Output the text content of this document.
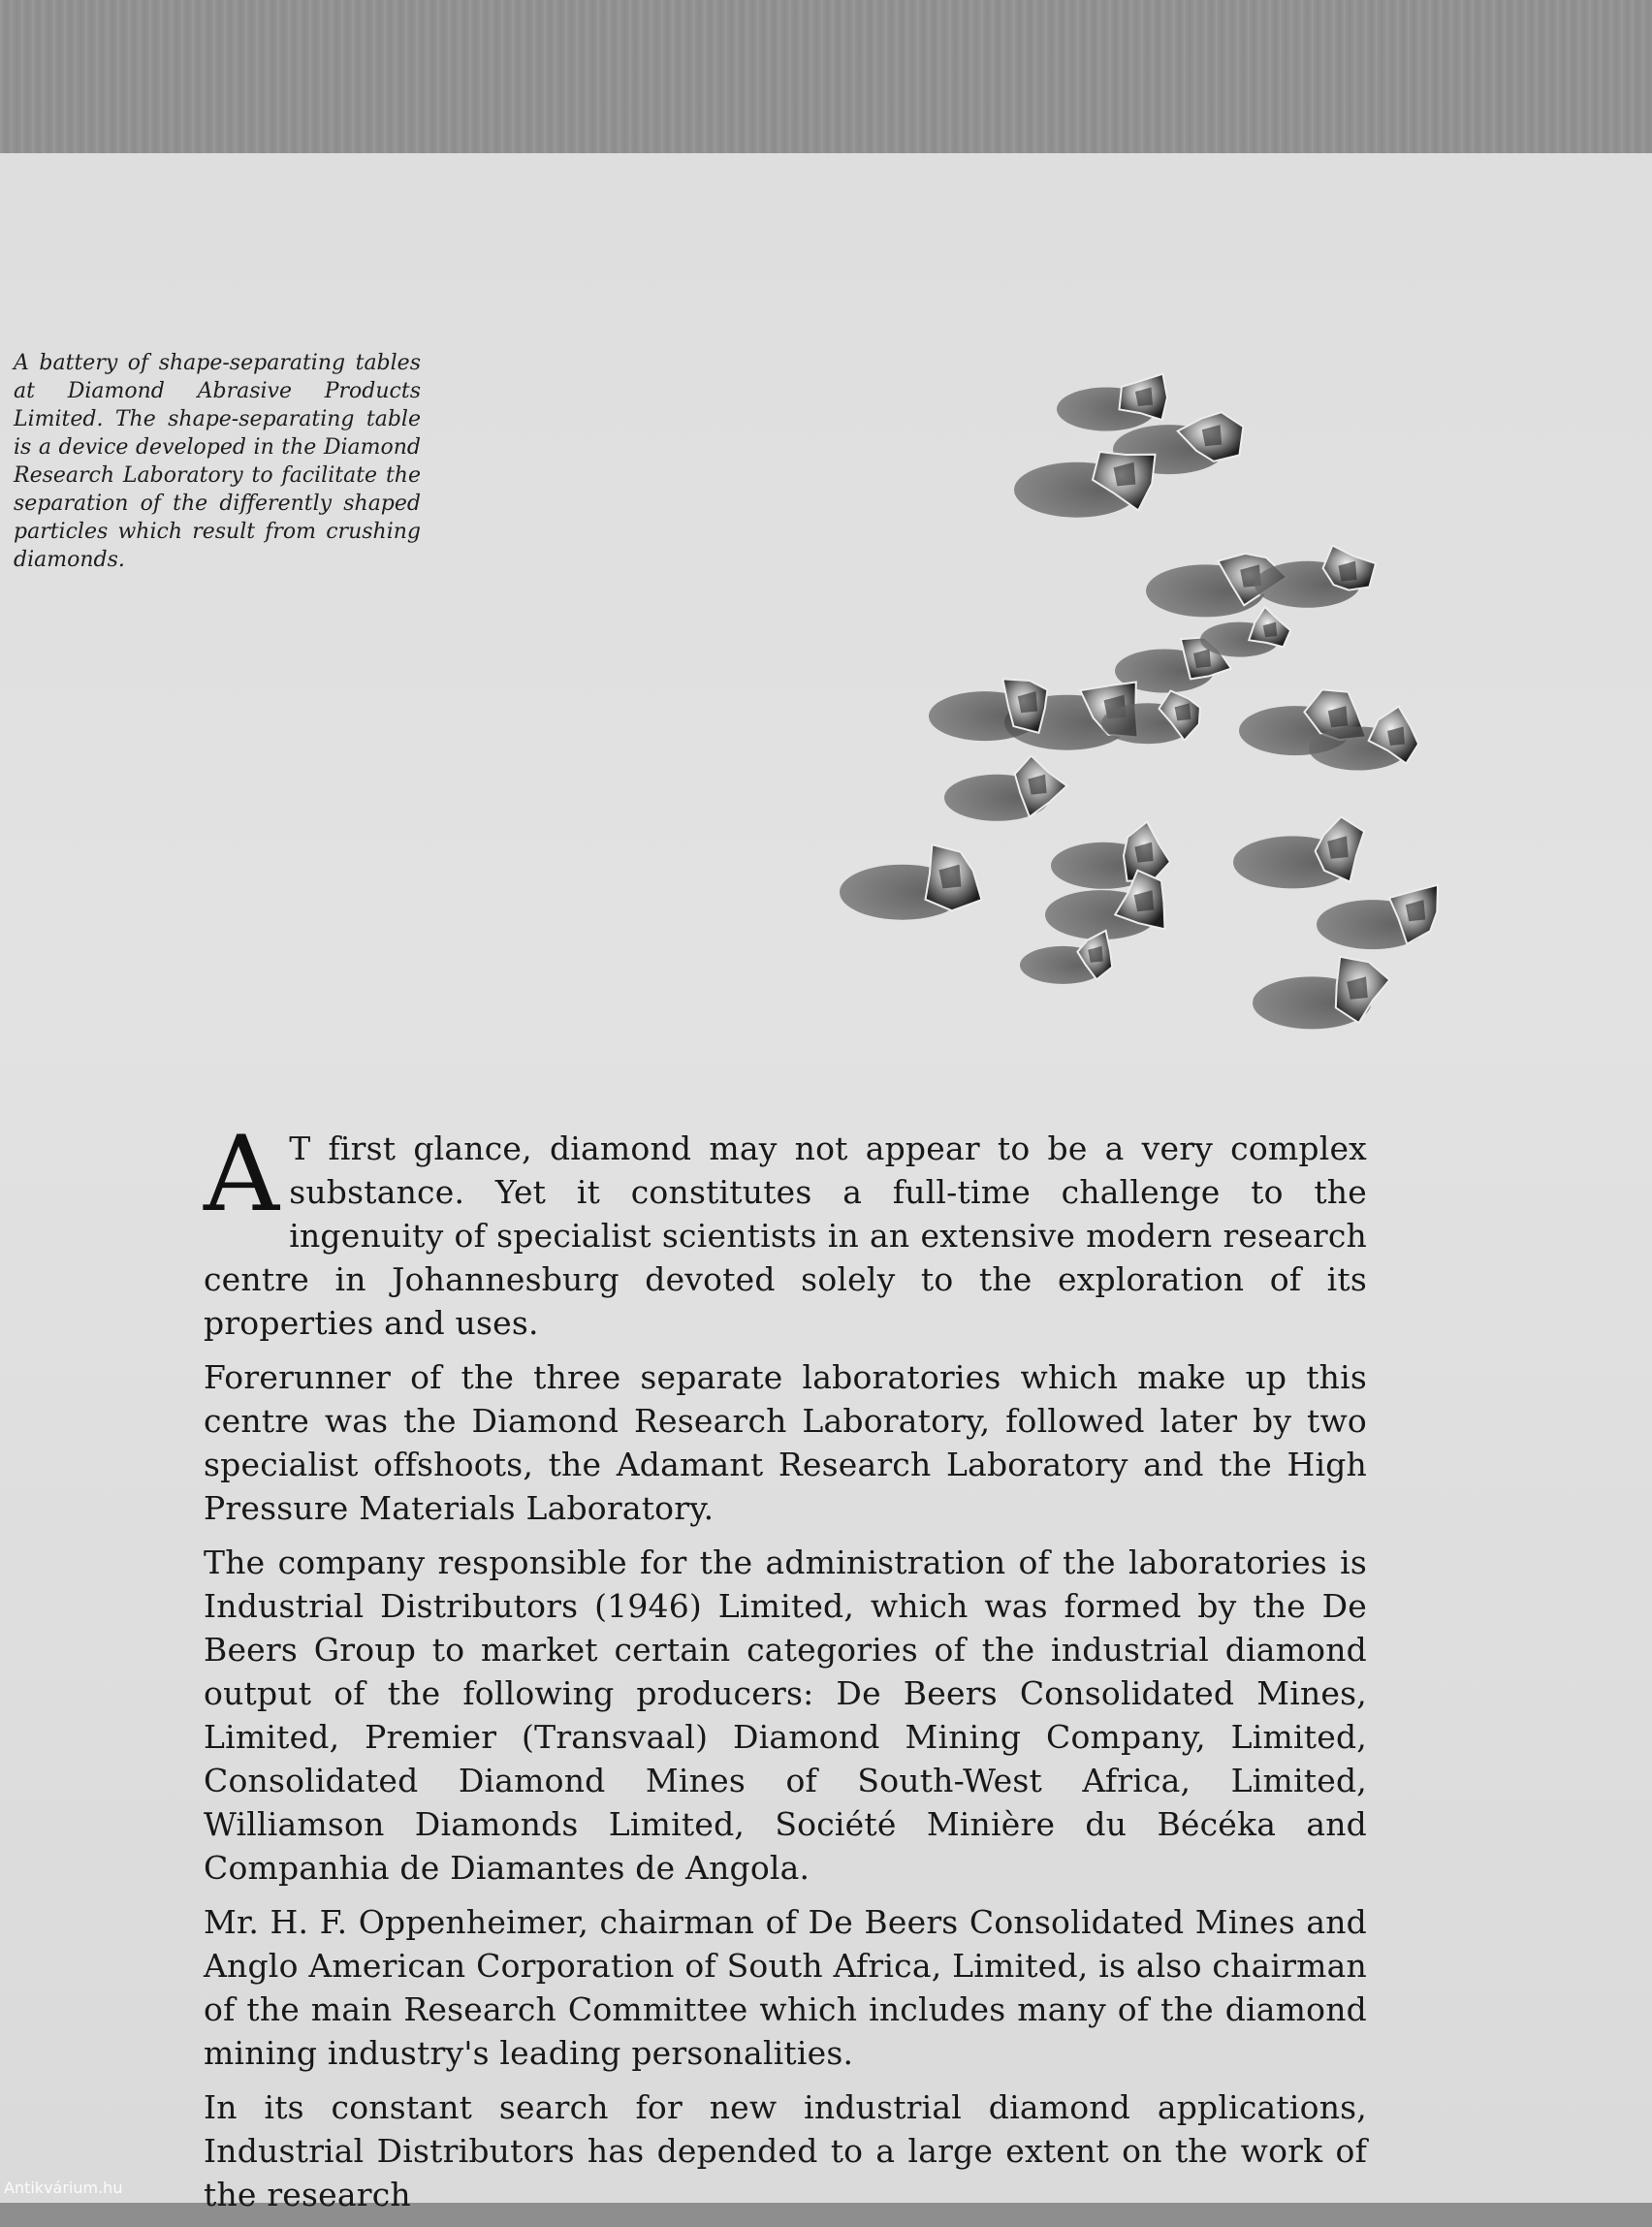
A battery of shape-separating tables at Diamond Abrasive Products Limited. The shape-separating table is a device developed in the Diamond Research Laboratory to facilitate the separation of the differently shaped particles which result from crushing diamonds.

A T first glance, diamond may not appear to be a very complex substance. Yet it constitutes a full-time challenge to the ingenuity of specialist scientists in an extensive modern research centre in Johannesburg devoted solely to the exploration of its properties and uses.

Forerunner of the three separate laboratories which make up this centre was the Diamond Research Laboratory, followed later by two specialist offshoots, the Adamant Research Laboratory and the High Pressure Materials Laboratory.

The company responsible for the administration of the laboratories is Industrial Distributors (1946) Limited, which was formed by the De Beers Group to market certain categories of the industrial diamond output of the following producers: De Beers Consolidated Mines, Limited, Premier (Transvaal) Diamond Mining Company, Limited, Consolidated Diamond Mines of South-West Africa, Limited, Williamson Diamonds Limited, Société Minière du Bécéka and Companhia de Diamantes de Angola.

Mr. H. F. Oppenheimer, chairman of De Beers Consolidated Mines and Anglo American Corporation of South Africa, Limited, is also chairman of the main Research Committee which includes many of the diamond mining industry's leading personalities.

In its constant search for new industrial diamond applications, Industrial Distributors has depended to a large extent on the work of the research

Antikvárium.hu
